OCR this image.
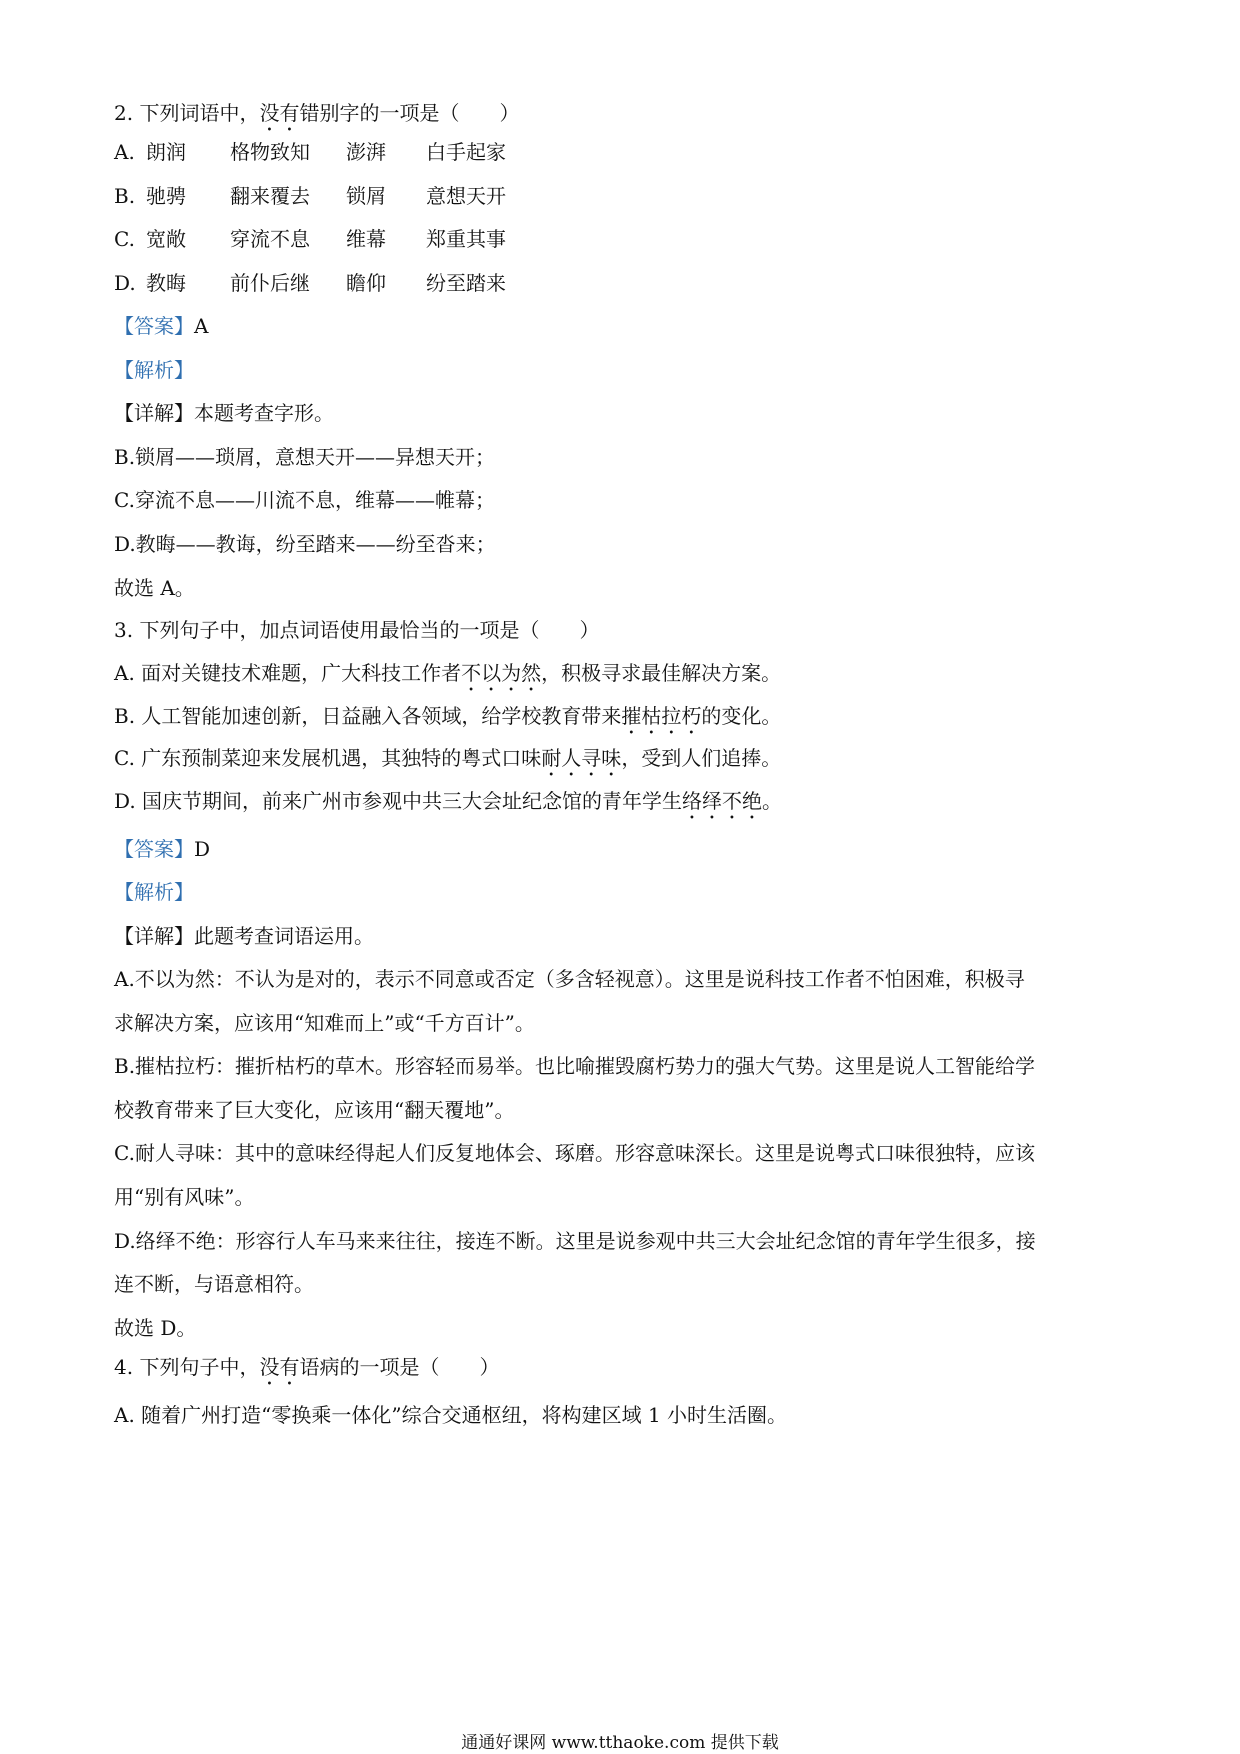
2. 下列词语中，没有错别字的一项是（　　）

A.

朗润

格物致知

澎湃

白手起家

B.

驰骋

翻来覆去

锁屑

意想天开

C.

宽敞

穿流不息

维幕

郑重其事

D.

教晦

前仆后继

瞻仰

纷至踏来

【答案】A
【解析】
【详解】本题考查字形。
B.锁屑——琐屑，意想天开——异想天开；
C.穿流不息——川流不息，维幕——帷幕；
D.教晦——教诲，纷至踏来——纷至沓来；
故选 A。
3. 下列句子中，加点词语使用最恰当的一项是（　　）
A. 面对关键技术难题，广大科技工作者不以为然，积极寻求最佳解决方案。
B. 人工智能加速创新，日益融入各领域，给学校教育带来摧枯拉朽的变化。
C. 广东预制菜迎来发展机遇，其独特的粤式口味耐人寻味，受到人们追捧。
D. 国庆节期间，前来广州市参观中共三大会址纪念馆的青年学生络绎不绝。
【答案】D
【解析】
【详解】此题考查词语运用。
A.不以为然：不认为是对的，表示不同意或否定（多含轻视意）。这里是说科技工作者不怕困难，积极寻
求解决方案，应该用“知难而上”或“千方百计”。
B.摧枯拉朽：摧折枯朽的草木。形容轻而易举。也比喻摧毁腐朽势力的强大气势。这里是说人工智能给学
校教育带来了巨大变化，应该用“翻天覆地”。
C.耐人寻味：其中的意味经得起人们反复地体会、琢磨。形容意味深长。这里是说粤式口味很独特，应该
用“别有风味”。
D.络绎不绝：形容行人车马来来往往，接连不断。这里是说参观中共三大会址纪念馆的青年学生很多，接
连不断，与语意相符。
故选 D。
4. 下列句子中，没有语病的一项是（　　）
A. 随着广州打造“零换乘一体化”综合交通枢纽，将构建区域 1 小时生活圈。
通通好课网 www.tthaoke.com 提供下载
